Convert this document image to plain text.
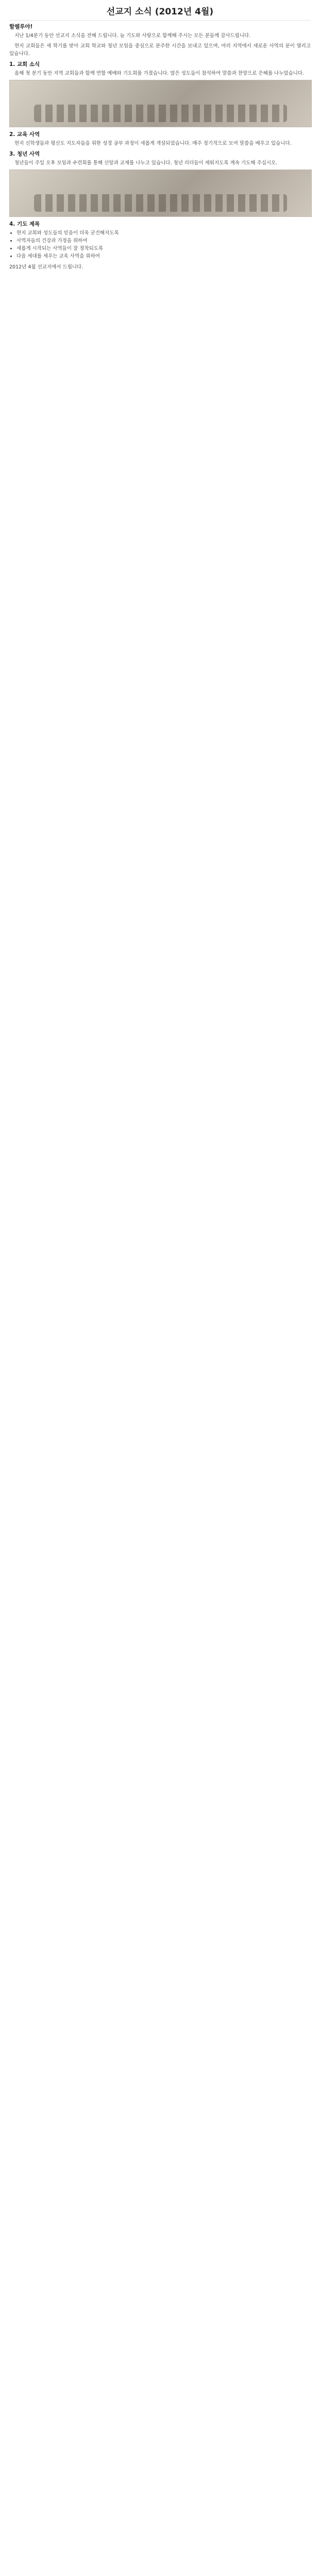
선교지 소식 (2012년 4월)
할렐루야!
지난 1/4분기 동안 선교지 소식을 전해 드립니다. 늘 기도와 사랑으로 함께해 주시는 모든 분들께 감사드립니다.
현지 교회들은 새 학기를 맞아 교회 학교와 청년 모임을 중심으로 분주한 시간을 보내고 있으며, 여러 지역에서 새로운 사역의 문이 열리고 있습니다.
1. 교회 소식
올해 첫 분기 동안 지역 교회들과 함께 연합 예배와 기도회를 가졌습니다. 많은 성도들이 참석하여 말씀과 찬양으로 은혜를 나누었습니다.
2. 교육 사역
현지 신학생들과 평신도 지도자들을 위한 성경 공부 과정이 새롭게 개설되었습니다. 매주 정기적으로 모여 말씀을 배우고 있습니다.
3. 청년 사역
청년들이 주일 오후 모임과 수련회를 통해 신앙과 교제를 나누고 있습니다. 청년 리더들이 세워지도록 계속 기도해 주십시오.
4. 기도 제목
• 현지 교회와 성도들의 믿음이 더욱 굳건해지도록
• 사역자들의 건강과 가정을 위하여
• 새롭게 시작되는 사역들이 잘 정착되도록
• 다음 세대를 세우는 교육 사역을 위하여
2012년 4월 선교지에서 드립니다.
